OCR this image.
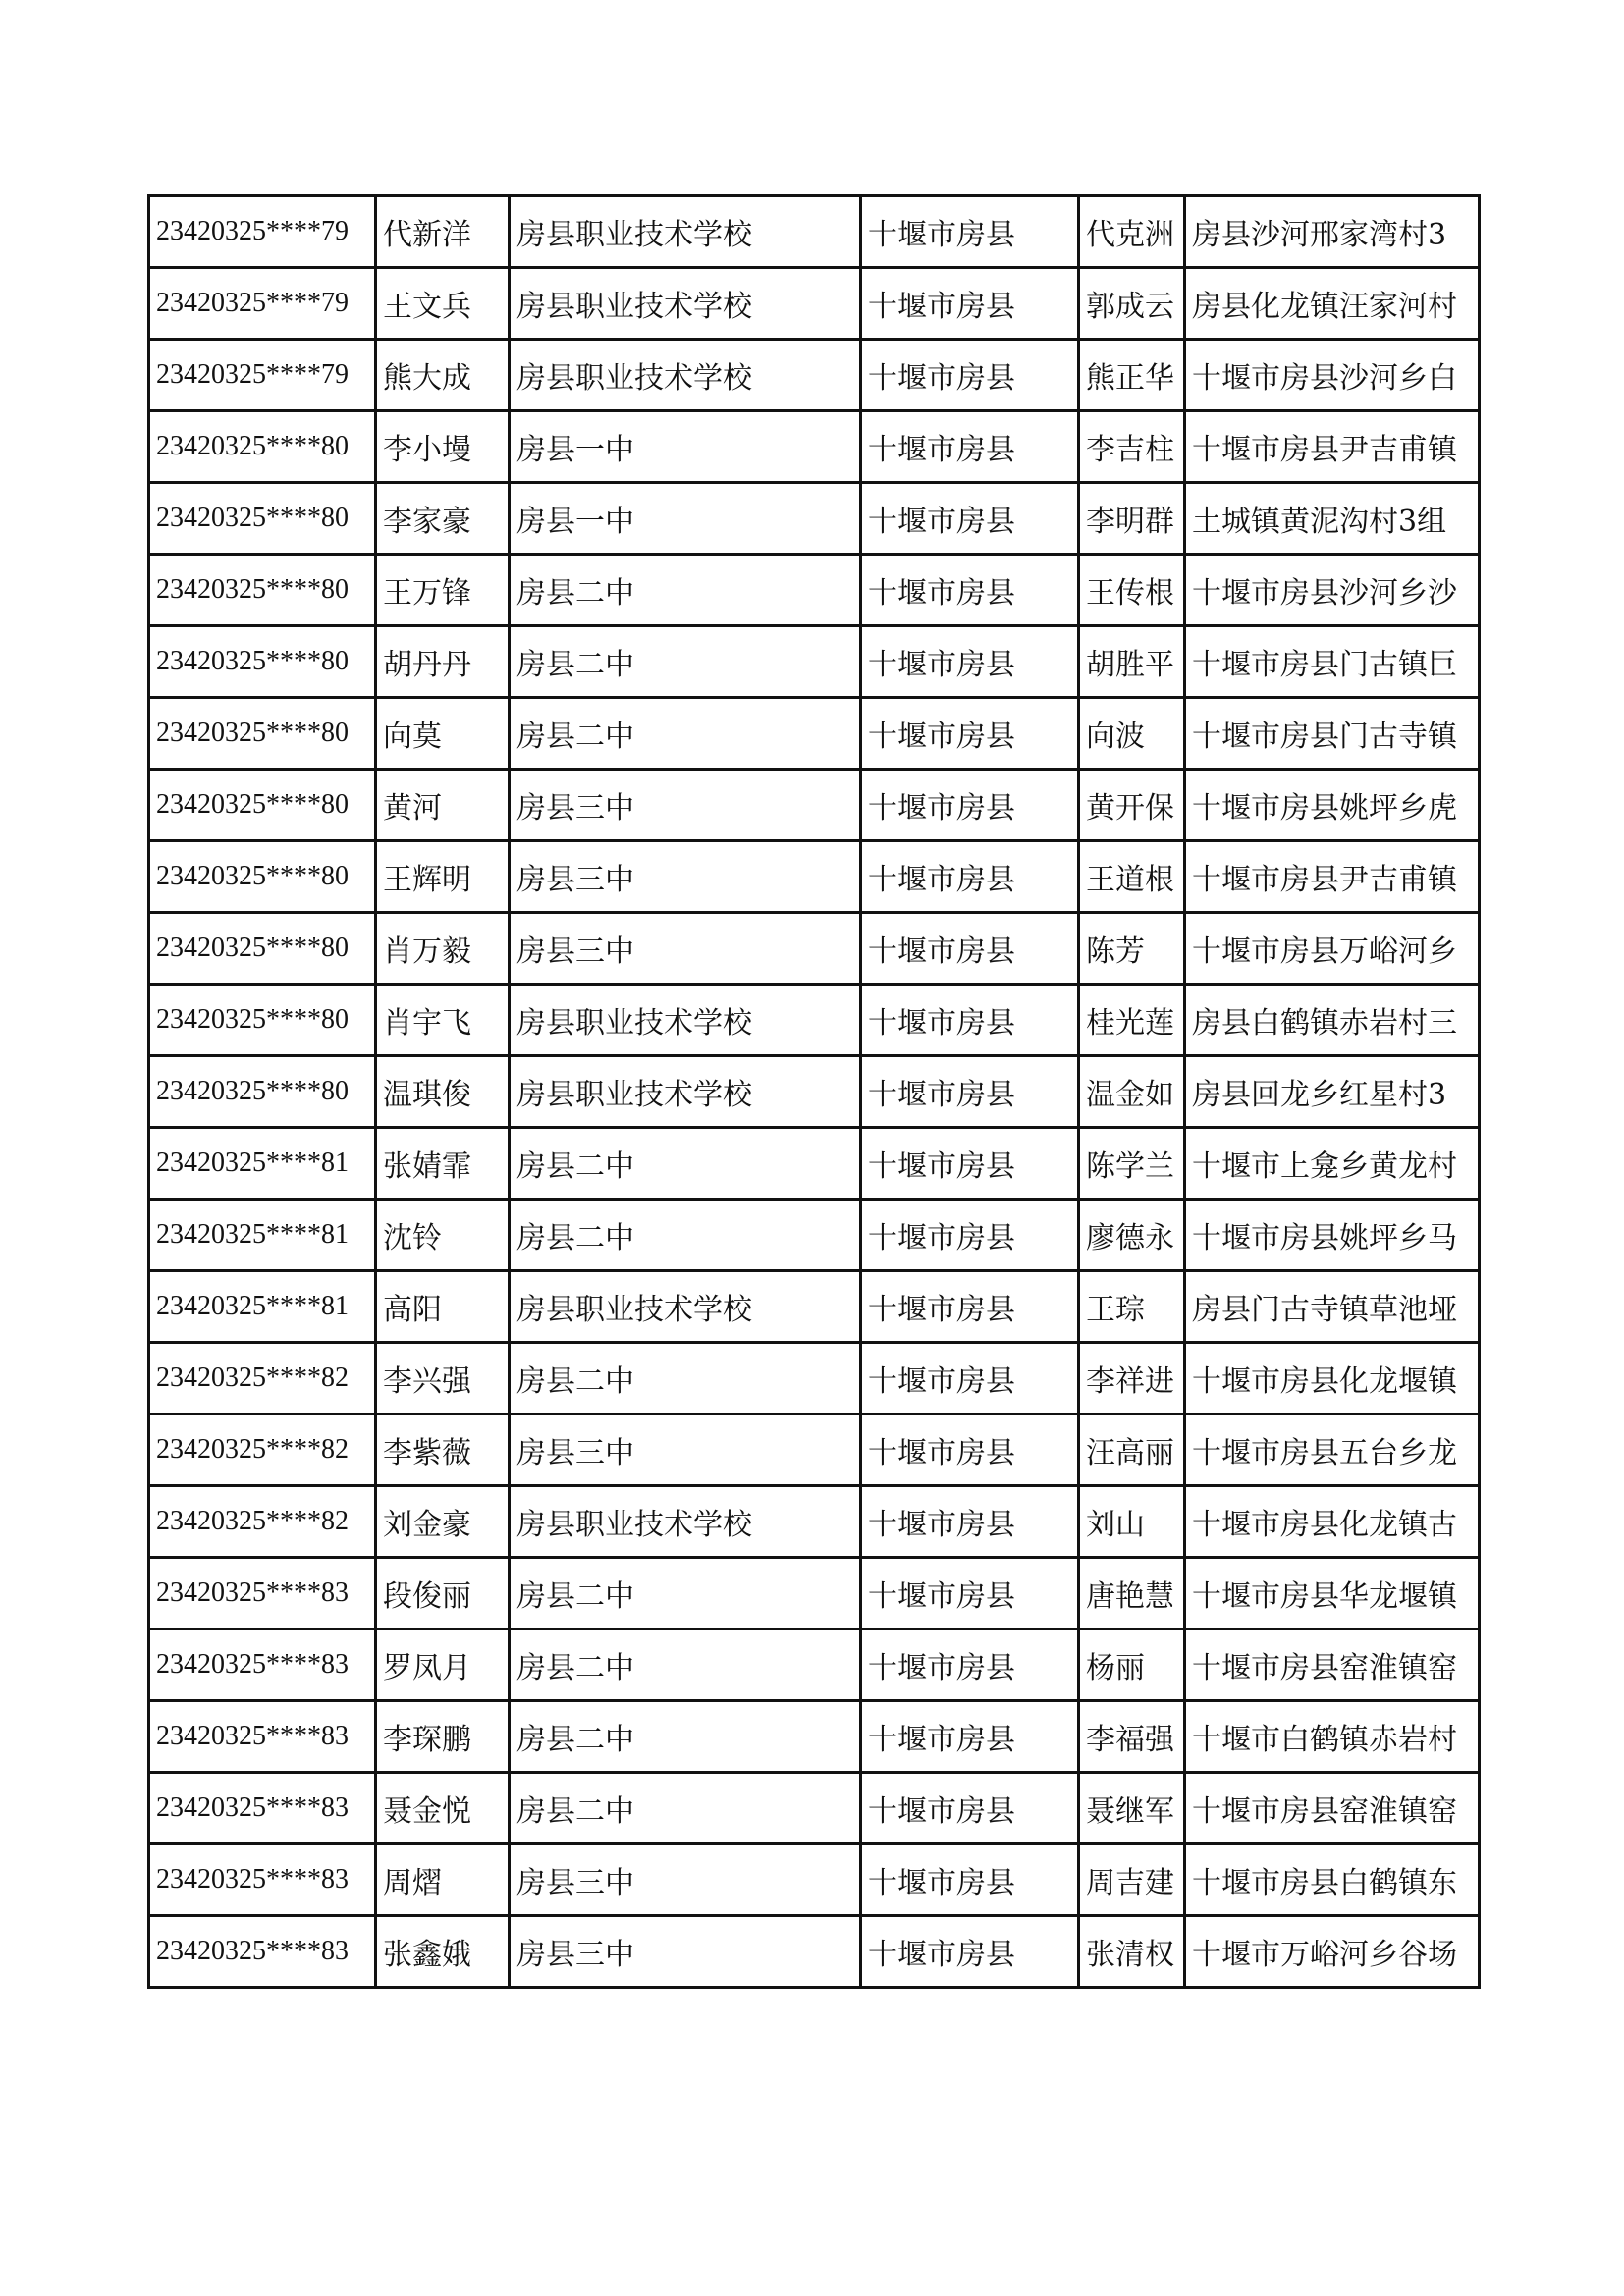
23420325****79	代新洋	房县职业技术学校	十堰市房县	代克洲	房县沙河邢家湾村3
23420325****79	王文兵	房县职业技术学校	十堰市房县	郭成云	房县化龙镇汪家河村
23420325****79	熊大成	房县职业技术学校	十堰市房县	熊正华	十堰市房县沙河乡白
23420325****80	李小墁	房县一中	十堰市房县	李吉柱	十堰市房县尹吉甫镇
23420325****80	李家豪	房县一中	十堰市房县	李明群	土城镇黄泥沟村3组
23420325****80	王万锋	房县二中	十堰市房县	王传根	十堰市房县沙河乡沙
23420325****80	胡丹丹	房县二中	十堰市房县	胡胜平	十堰市房县门古镇巨
23420325****80	向莫	房县二中	十堰市房县	向波	十堰市房县门古寺镇
23420325****80	黄河	房县三中	十堰市房县	黄开保	十堰市房县姚坪乡虎
23420325****80	王辉明	房县三中	十堰市房县	王道根	十堰市房县尹吉甫镇
23420325****80	肖万毅	房县三中	十堰市房县	陈芳	十堰市房县万峪河乡
23420325****80	肖宇飞	房县职业技术学校	十堰市房县	桂光莲	房县白鹤镇赤岩村三
23420325****80	温琪俊	房县职业技术学校	十堰市房县	温金如	房县回龙乡红星村3
23420325****81	张婧霏	房县二中	十堰市房县	陈学兰	十堰市上龛乡黄龙村
23420325****81	沈铃	房县二中	十堰市房县	廖德永	十堰市房县姚坪乡马
23420325****81	高阳	房县职业技术学校	十堰市房县	王琮	房县门古寺镇草池垭
23420325****82	李兴强	房县二中	十堰市房县	李祥进	十堰市房县化龙堰镇
23420325****82	李紫薇	房县三中	十堰市房县	汪高丽	十堰市房县五台乡龙
23420325****82	刘金豪	房县职业技术学校	十堰市房县	刘山	十堰市房县化龙镇古
23420325****83	段俊丽	房县二中	十堰市房县	唐艳慧	十堰市房县华龙堰镇
23420325****83	罗凤月	房县二中	十堰市房县	杨丽	十堰市房县窑淮镇窑
23420325****83	李琛鹏	房县二中	十堰市房县	李福强	十堰市白鹤镇赤岩村
23420325****83	聂金悦	房县二中	十堰市房县	聂继军	十堰市房县窑淮镇窑
23420325****83	周熠	房县三中	十堰市房县	周吉建	十堰市房县白鹤镇东
23420325****83	张鑫娥	房县三中	十堰市房县	张清权	十堰市万峪河乡谷场
